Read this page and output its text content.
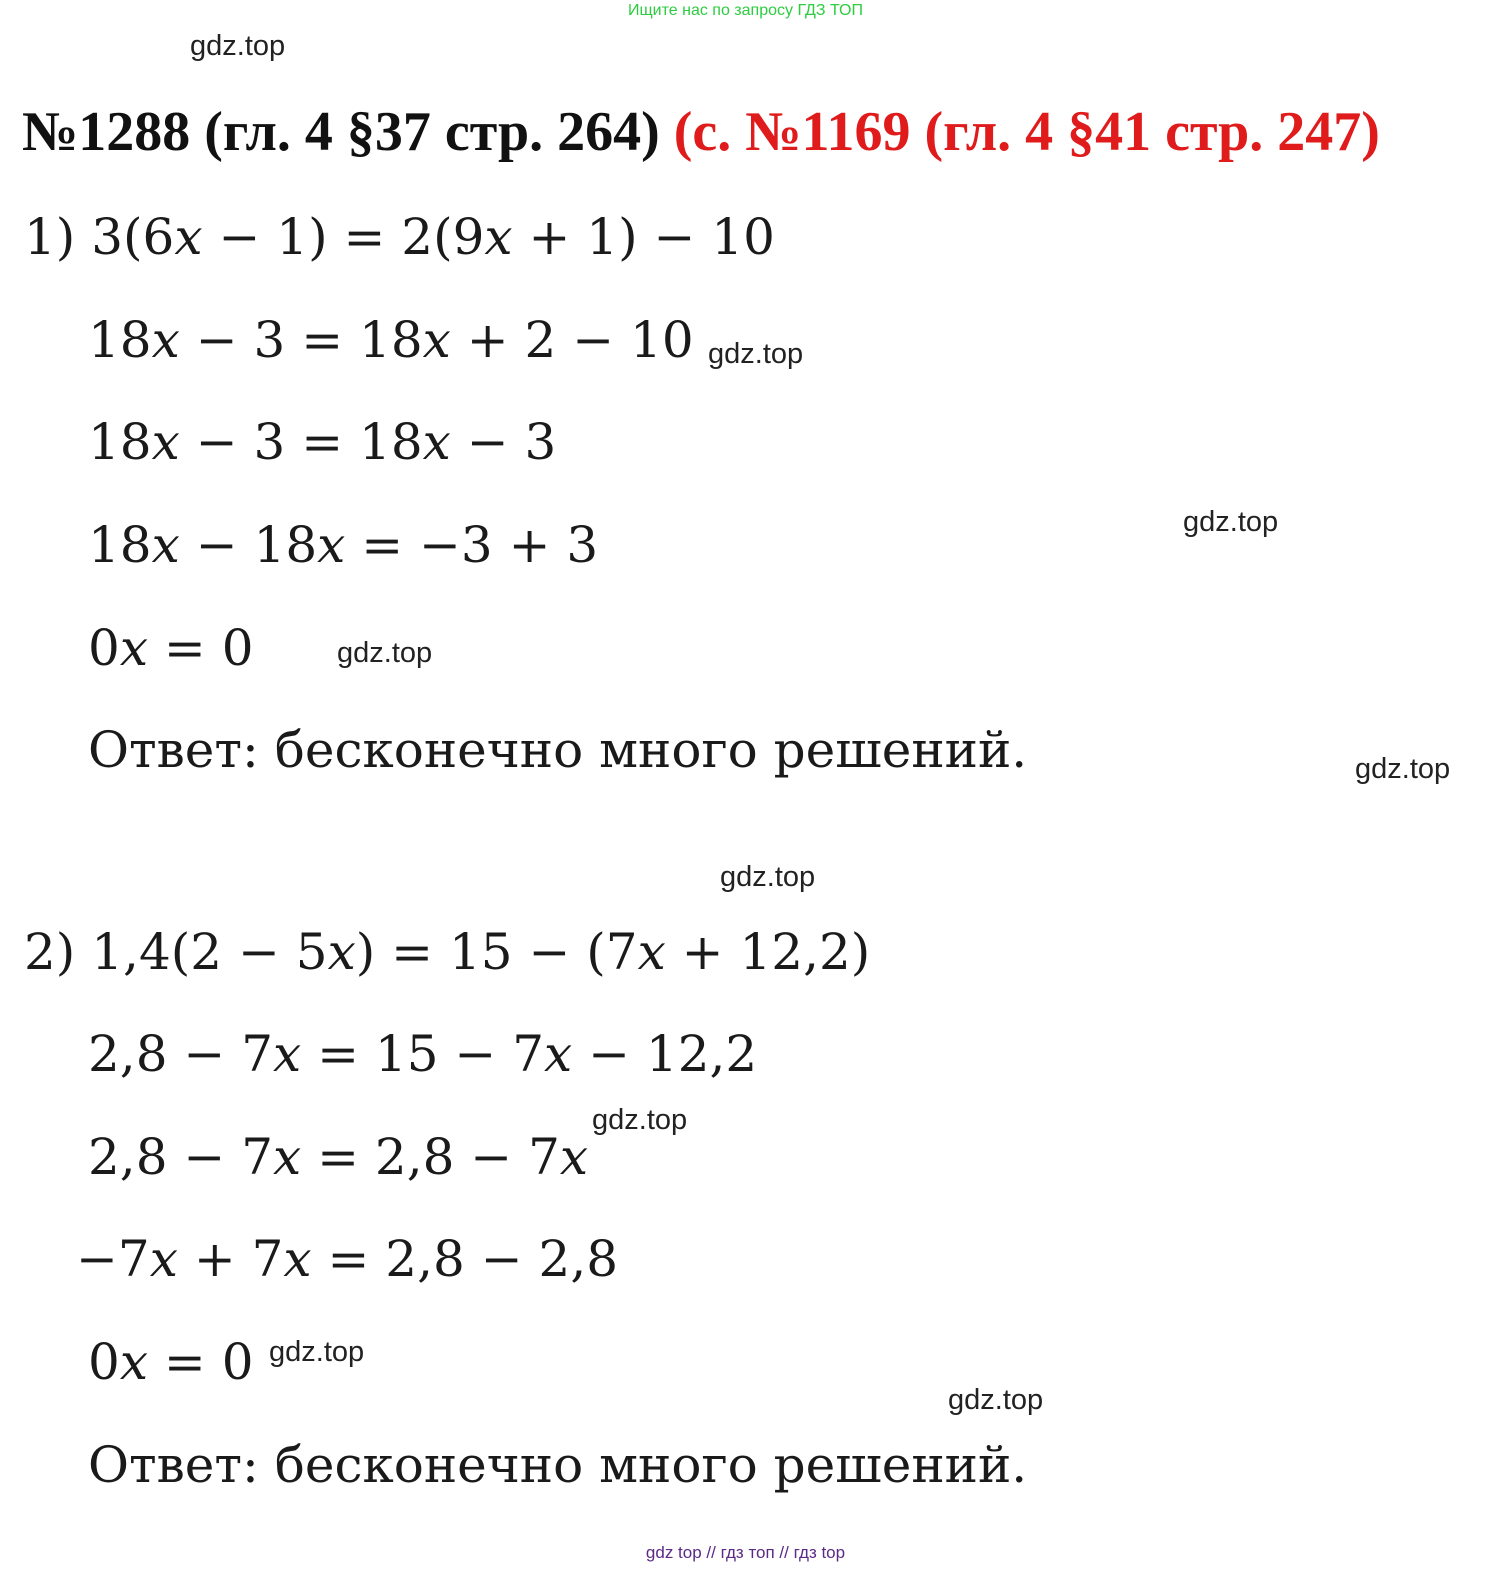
Ищите нас по запросу ГДЗ ТОП
gdz.top
№1288 (гл. 4 §37 стр. 264) (с. №1169 (гл. 4 §41 стр. 247)
1) 3(6x − 1) = 2(9x + 1) − 10
18x − 3 = 18x + 2 − 10 gdz.top
18x − 3 = 18x − 3
gdz.top
18x − 18x = −3 + 3
0x = 0	gdz.top
Ответ: бесконечно много решений.	gdz.top
gdz.top
2) 1,4(2 − 5x) = 15 − (7x + 12,2)
2,8 − 7x = 15 − 7x − 12,2
gdz.top
2,8 − 7x = 2,8 − 7x
−7x + 7x = 2,8 − 2,8
0x = 0 gdz.top
gdz.top
Ответ: бесконечно много решений.
gdz top // гдз топ // гдз top
